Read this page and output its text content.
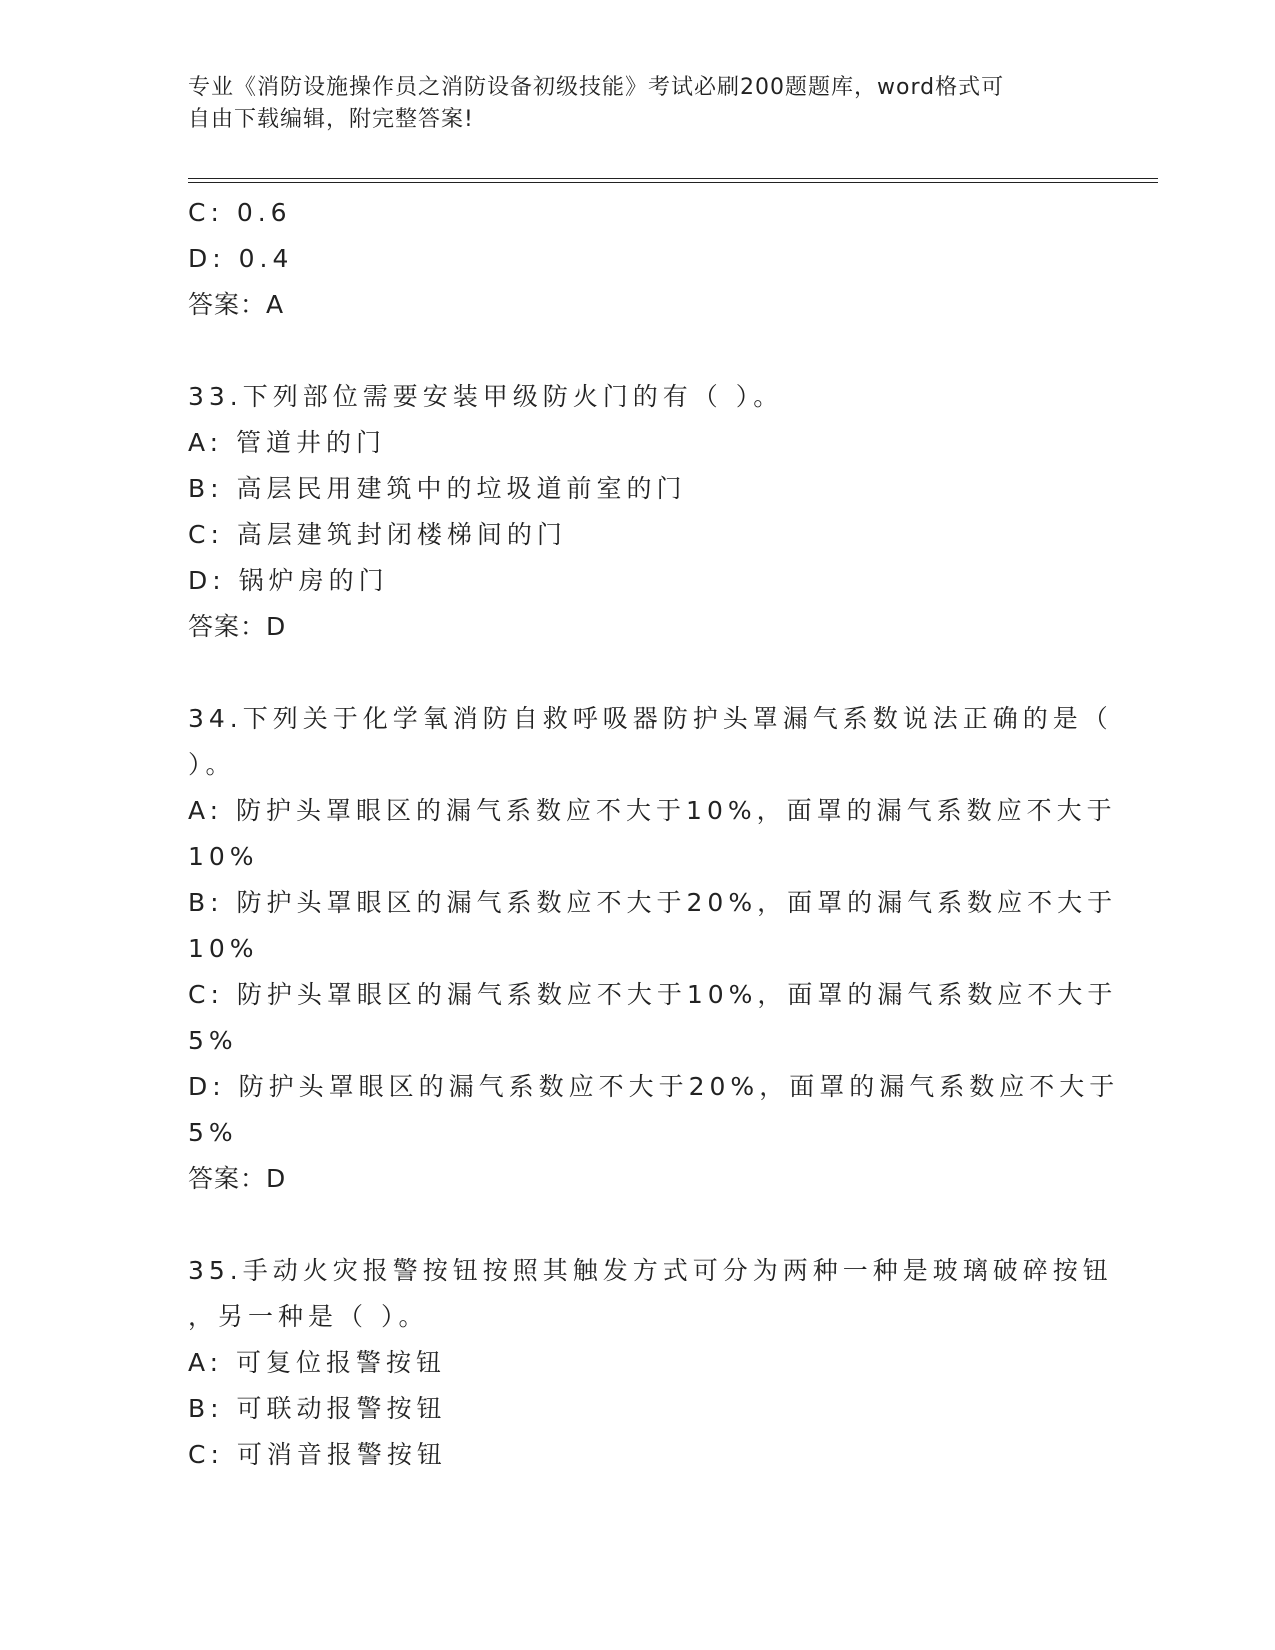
专业《消防设施操作员之消防设备初级技能》考试必刷200题题库，word格式可
自由下载编辑，附完整答案!
C: 0.6
D: 0.4
答案：A
33.下列部位需要安装甲级防火门的有（ ）。
A: 管道井的门
B: 高层民用建筑中的垃圾道前室的门
C: 高层建筑封闭楼梯间的门
D: 锅炉房的门
答案：D
34.下列关于化学氧消防自救呼吸器防护头罩漏气系数说法正确的是（
）。
A: 防护头罩眼区的漏气系数应不大于10%，面罩的漏气系数应不大于
10%
B: 防护头罩眼区的漏气系数应不大于20%，面罩的漏气系数应不大于
10%
C: 防护头罩眼区的漏气系数应不大于10%，面罩的漏气系数应不大于
5%
D: 防护头罩眼区的漏气系数应不大于20%，面罩的漏气系数应不大于
5%
答案：D
35.手动火灾报警按钮按照其触发方式可分为两种一种是玻璃破碎按钮
，另一种是（ ）。
A: 可复位报警按钮
B: 可联动报警按钮
C: 可消音报警按钮
